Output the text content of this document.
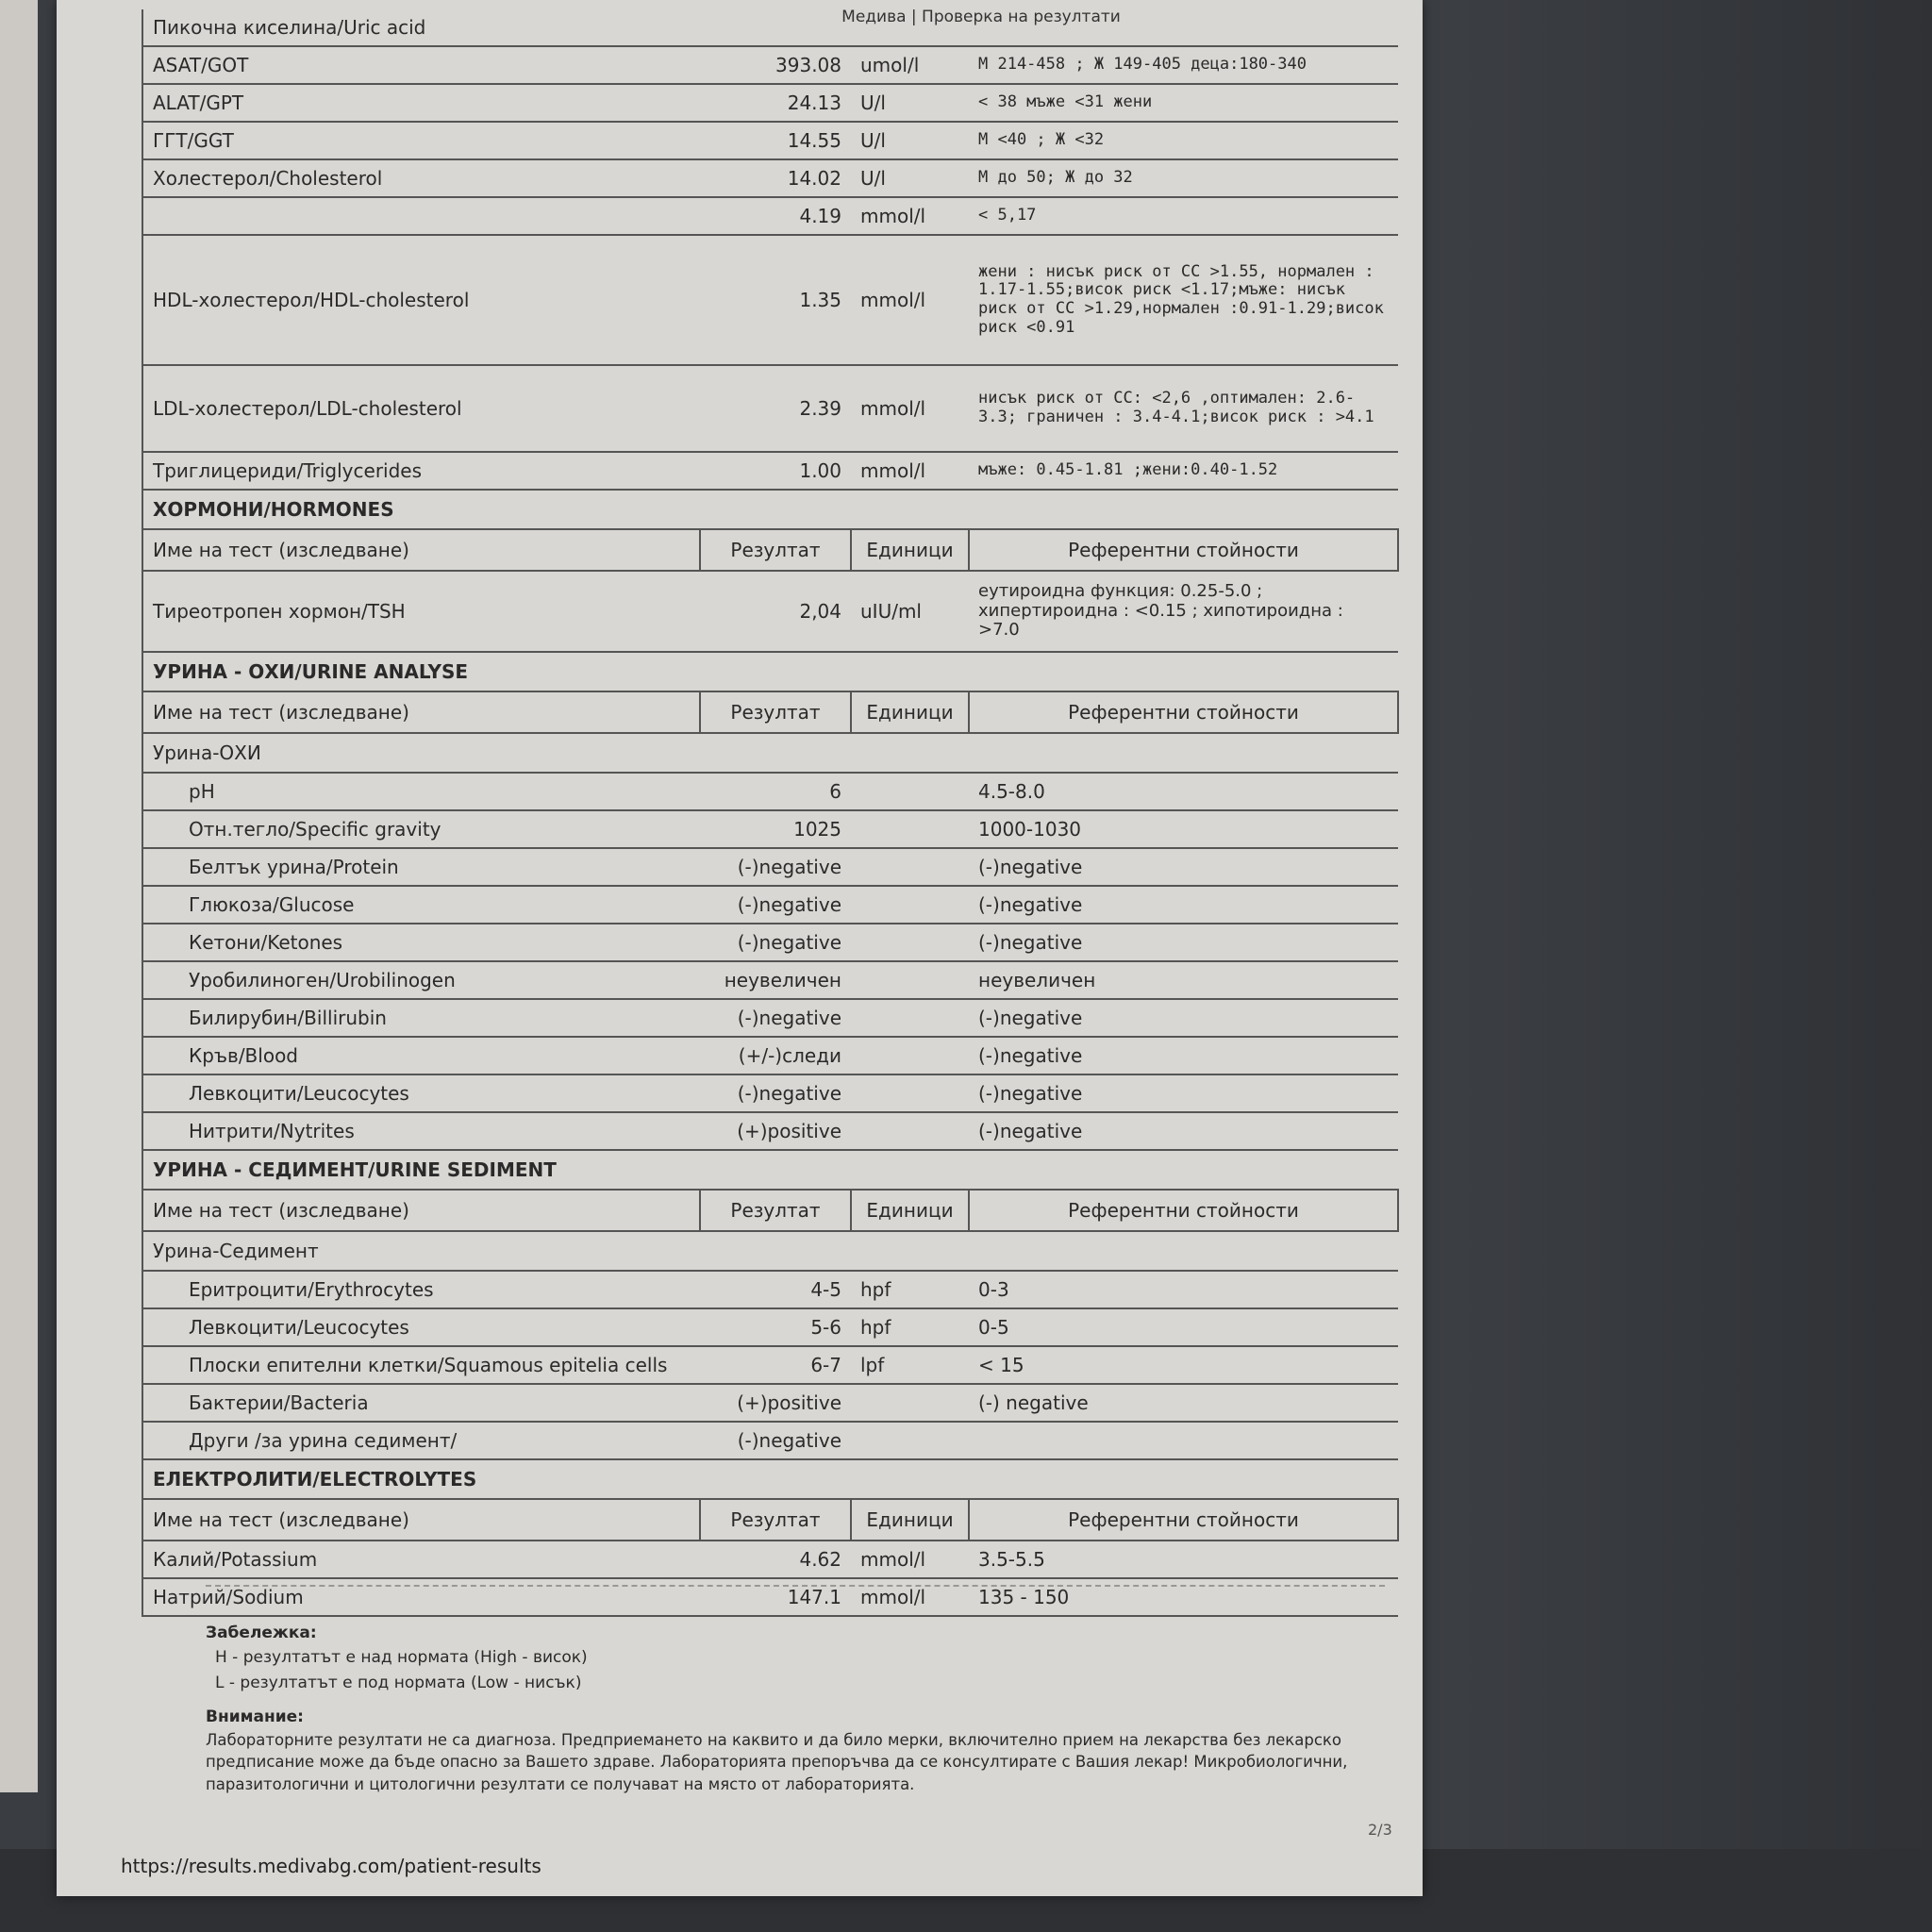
Медива | Проверка на резултати
Пикочна киселина/Uric acid			
ASAT/GOT	393.08	umol/l	М 214-458 ; Ж 149-405 деца:180-340
ALAT/GPT	24.13	U/l	< 38 мъже <31 жени
ГГТ/GGT	14.55	U/l	М <40 ; Ж <32
Холестерол/Cholesterol	14.02	U/l	М до 50; Ж до 32
	4.19	mmol/l	< 5,17
HDL-холестерол/HDL-cholesterol	1.35	mmol/l	жени : нисък риск от СС >1.55, нормален : 1.17-1.55;висок риск <1.17;мъже: нисък риск от СС >1.29,нормален :0.91-1.29;висок риск <0.91
LDL-холестерол/LDL-cholesterol	2.39	mmol/l	нисък риск от СС: <2,6 ,оптимален: 2.6-3.3; граничен : 3.4-4.1;висок риск : >4.1
Триглицериди/Triglycerides	1.00	mmol/l	мъже: 0.45-1.81 ;жени:0.40-1.52
ХОРМОНИ/HORMONES			
Име на тест (изследване)	Резултат	Единици	Референтни стойности
Тиреотропен хормон/TSH	2,04	uIU/ml	еутироидна функция: 0.25-5.0 ; хипертироидна : <0.15 ; хипотироидна : >7.0
УРИНА - ОХИ/URINE ANALYSE			
Име на тест (изследване)	Резултат	Единици	Референтни стойности
Урина-ОХИ			
pH	6		4.5-8.0
Отн.тегло/Specific gravity	1025		1000-1030
Белтък урина/Protein	(-)negative		(-)negative
Глюкоза/Glucose	(-)negative		(-)negative
Кетони/Ketones	(-)negative		(-)negative
Уробилиноген/Urobilinogen	неувеличен		неувеличен
Билирубин/Billirubin	(-)negative		(-)negative
Кръв/Blood	(+/-)следи		(-)negative
Левкоцити/Leucocytes	(-)negative		(-)negative
Нитрити/Nytrites	(+)positive		(-)negative
УРИНА - СЕДИМЕНТ/URINE SEDIMENT			
Име на тест (изследване)	Резултат	Единици	Референтни стойности
Урина-Седимент			
Еритроцити/Erythrocytes	4-5	hpf	0-3
Левкоцити/Leucocytes	5-6	hpf	0-5
Плоски епителни клетки/Squamous epitelia cells	6-7	lpf	< 15
Бактерии/Bacteria	(+)positive		(-) negative
Други /за урина седимент/	(-)negative		
ЕЛЕКТРОЛИТИ/ELECTROLYTES			
Име на тест (изследване)	Резултат	Единици	Референтни стойности
Калий/Potassium	4.62	mmol/l	3.5-5.5
Натрий/Sodium	147.1	mmol/l	135 - 150
Забележка:
H - резултатът е над нормата (High - висок)
L - резултатът е под нормата (Low - нисък)
Внимание:
Лабораторните резултати не са диагноза. Предприемането на каквито и да било мерки, включително прием на лекарства без лекарско предписание може да бъде опасно за Вашето здраве. Лабораторията препоръчва да се консултирате с Вашия лекар! Микробиологични, паразитологични и цитологични резултати се получават на място от лабораторията.
2/3
https://results.medivabg.com/patient-results
